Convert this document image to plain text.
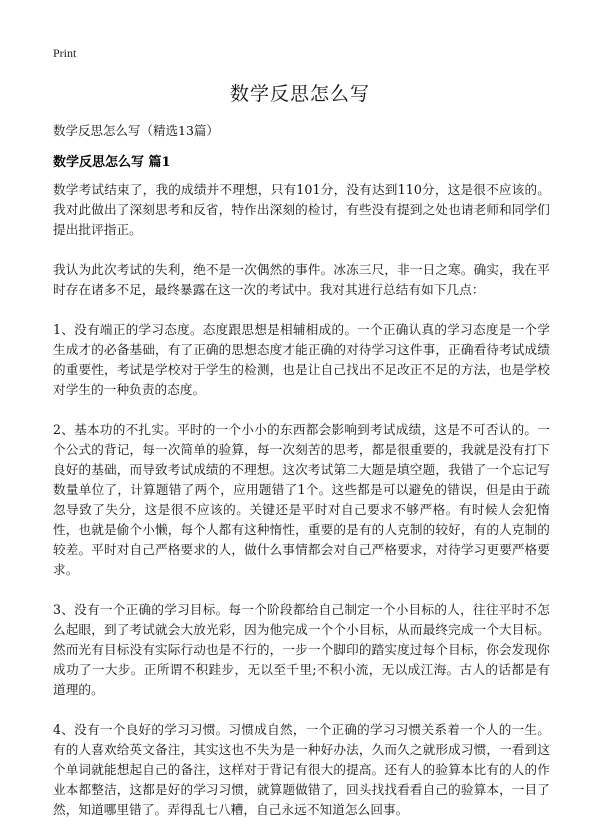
Print
数学反思怎么写
数学反思怎么写（精选13篇）
数学反思怎么写 篇1

数学考试结束了，我的成绩并不理想，只有101分，没有达到110分，这是很不应该的。我对此做出了深刻思考和反省，特作出深刻的检讨，有些没有提到之处也请老师和同学们提出批评指正。

我认为此次考试的失利，绝不是一次偶然的事件。冰冻三尺，非一日之寒。确实，我在平时存在诸多不足，最终暴露在这一次的考试中。我对其进行总结有如下几点：

1、没有端正的学习态度。态度跟思想是相辅相成的。一个正确认真的学习态度是一个学生成才的必备基础，有了正确的思想态度才能正确的对待学习这件事，正确看待考试成绩的重要性，考试是学校对于学生的检测，也是让自己找出不足改正不足的方法，也是学校对学生的一种负责的态度。

2、基本功的不扎实。平时的一个小小的东西都会影响到考试成绩，这是不可否认的。一个公式的背记，每一次简单的验算，每一次刻苦的思考，都是很重要的，我就是没有打下良好的基础，而导致考试成绩的不理想。这次考试第二大题是填空题，我错了一个忘记写数量单位了，计算题错了两个，应用题错了1个。这些都是可以避免的错误，但是由于疏忽导致了失分，这是很不应该的。关键还是平时对自己要求不够严格。有时候人会犯惰性，也就是偷个小懒，每个人都有这种惰性，重要的是有的人克制的较好，有的人克制的较差。平时对自己严格要求的人，做什么事情都会对自己严格要求，对待学习更要严格要求。

3、没有一个正确的学习目标。每一个阶段都给自己制定一个小目标的人，往往平时不怎么起眼，到了考试就会大放光彩，因为他完成一个个小目标，从而最终完成一个大目标。然而光有目标没有实际行动也是不行的，一步一个脚印的踏实度过每个目标，你会发现你成功了一大步。正所谓不积跬步，无以至千里;不积小流，无以成江海。古人的话都是有道理的。

4、没有一个良好的学习习惯。习惯成自然，一个正确的学习习惯关系着一个人的一生。有的人喜欢给英文备注，其实这也不失为是一种好办法，久而久之就形成习惯，一看到这个单词就能想起自己的备注，这样对于背记有很大的提高。还有人的验算本比有的人的作业本都整洁，这都是好的学习习惯，就算题做错了，回头找找看看自己的验算本，一目了然，知道哪里错了。弄得乱七八糟，自己永远不知道怎么回事。
